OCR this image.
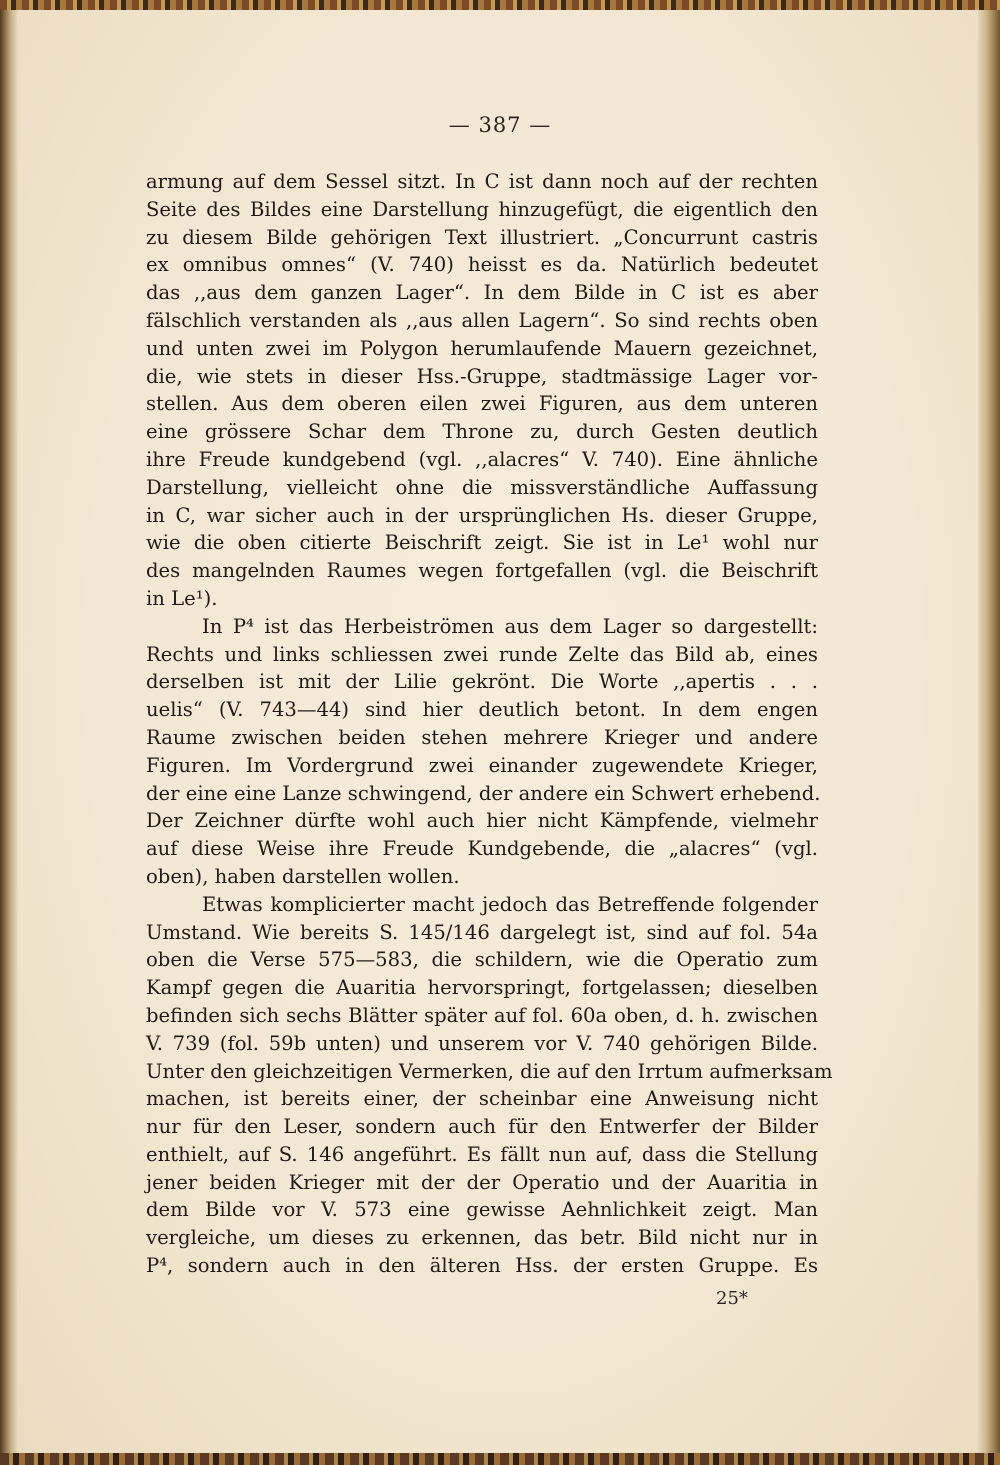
— 387 —
armung auf dem Sessel sitzt. In C ist dann noch auf der rechten
Seite des Bildes eine Darstellung hinzugefügt, die eigentlich den
zu diesem Bilde gehörigen Text illustriert. „Concurrunt castris
ex omnibus omnes“ (V. 740) heisst es da. Natürlich bedeutet
das ,,aus dem ganzen Lager“. In dem Bilde in C ist es aber
fälschlich verstanden als ,,aus allen Lagern“. So sind rechts oben
und unten zwei im Polygon herumlaufende Mauern gezeichnet,
die, wie stets in dieser Hss.-Gruppe, stadtmässige Lager vor-
stellen. Aus dem oberen eilen zwei Figuren, aus dem unteren
eine grössere Schar dem Throne zu, durch Gesten deutlich
ihre Freude kundgebend (vgl. ,,alacres“ V. 740). Eine ähnliche
Darstellung, vielleicht ohne die missverständliche Auffassung
in C, war sicher auch in der ursprünglichen Hs. dieser Gruppe,
wie die oben citierte Beischrift zeigt. Sie ist in Le¹ wohl nur
des mangelnden Raumes wegen fortgefallen (vgl. die Beischrift
in Le¹).
In P⁴ ist das Herbeiströmen aus dem Lager so dargestellt:
Rechts und links schliessen zwei runde Zelte das Bild ab, eines
derselben ist mit der Lilie gekrönt. Die Worte ,,apertis . . .
uelis“ (V. 743—44) sind hier deutlich betont. In dem engen
Raume zwischen beiden stehen mehrere Krieger und andere
Figuren. Im Vordergrund zwei einander zugewendete Krieger,
der eine eine Lanze schwingend, der andere ein Schwert erhebend.
Der Zeichner dürfte wohl auch hier nicht Kämpfende, vielmehr
auf diese Weise ihre Freude Kundgebende, die „alacres“ (vgl.
oben), haben darstellen wollen.
Etwas komplicierter macht jedoch das Betreffende folgender
Umstand. Wie bereits S. 145/146 dargelegt ist, sind auf fol. 54a
oben die Verse 575—583, die schildern, wie die Operatio zum
Kampf gegen die Auaritia hervorspringt, fortgelassen; dieselben
befinden sich sechs Blätter später auf fol. 60a oben, d. h. zwischen
V. 739 (fol. 59b unten) und unserem vor V. 740 gehörigen Bilde.
Unter den gleichzeitigen Vermerken, die auf den Irrtum aufmerksam
machen, ist bereits einer, der scheinbar eine Anweisung nicht
nur für den Leser, sondern auch für den Entwerfer der Bilder
enthielt, auf S. 146 angeführt. Es fällt nun auf, dass die Stellung
jener beiden Krieger mit der der Operatio und der Auaritia in
dem Bilde vor V. 573 eine gewisse Aehnlichkeit zeigt. Man
vergleiche, um dieses zu erkennen, das betr. Bild nicht nur in
P⁴, sondern auch in den älteren Hss. der ersten Gruppe. Es
25*
